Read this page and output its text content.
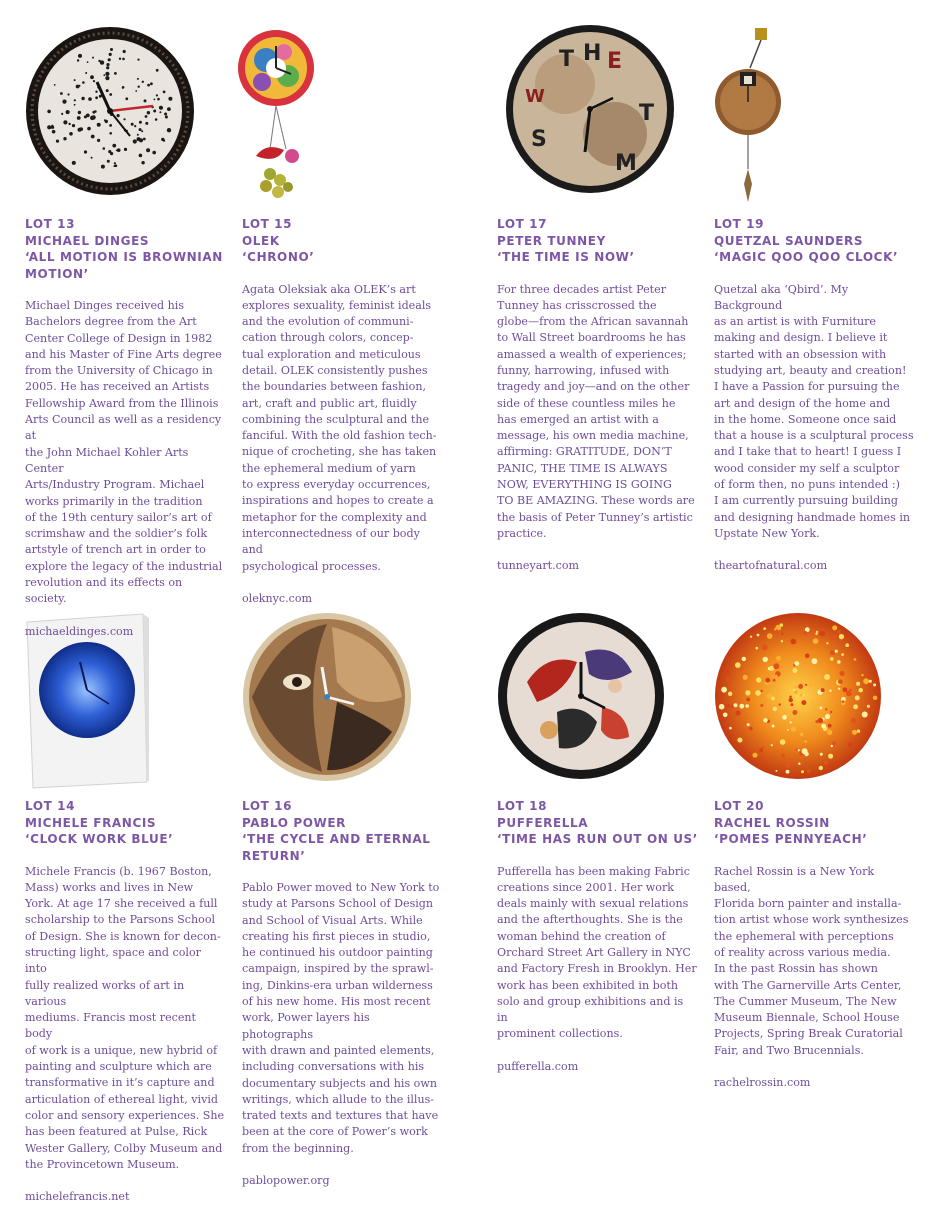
T H E
T
M
S
W
LOT 13
MICHAEL DINGES
‘ALL MOTION IS BROWNIAN
MOTION’
Michael Dinges received his
Bachelors degree from the Art
Center College of Design in 1982
and his Master of Fine Arts degree
from the University of Chicago in
2005. He has received an Artists
Fellowship Award from the Illinois
Arts Council as well as a residency at
the John Michael Kohler Arts Center
Arts/Industry Program. Michael
works primarily in the tradition
of the 19th century sailor’s art of
scrimshaw and the soldier’s folk
artstyle of trench art in order to
explore the legacy of the industrial
revolution and its effects on society.
michaeldinges.com
LOT 15
OLEK
‘CHRONO’
Agata Oleksiak aka OLEK’s art
explores sexuality, feminist ideals
and the evolution of communi-
cation through colors, concep-
tual exploration and meticulous
detail. OLEK consistently pushes
the boundaries between fashion,
art, craft and public art, fluidly
combining the sculptural and the
fanciful. With the old fashion tech-
nique of crocheting, she has taken
the ephemeral medium of yarn
to express everyday occurrences,
inspirations and hopes to create a
metaphor for the complexity and
interconnectedness of our body and
psychological processes.
oleknyc.com
LOT 17
PETER TUNNEY
‘THE TIME IS NOW’
For three decades artist Peter
Tunney has crisscrossed the
globe—from the African savannah
to Wall Street boardrooms he has
amassed a wealth of experiences;
funny, harrowing, infused with
tragedy and joy—and on the other
side of these countless miles he
has emerged an artist with a
message, his own media machine,
affirming: GRATITUDE, DON’T
PANIC, THE TIME IS ALWAYS
NOW, EVERYTHING IS GOING
TO BE AMAZING. These words are
the basis of Peter Tunney’s artistic
practice.
tunneyart.com
LOT 19
QUETZAL SAUNDERS
‘MAGIC QOO QOO CLOCK’
Quetzal aka ‘Qbird’. My Background
as an artist is with Furniture
making and design. I believe it
started with an obsession with
studying art, beauty and creation!
I have a Passion for pursuing the
art and design of the home and
in the home. Someone once said
that a house is a sculptural process
and I take that to heart! I guess I
wood consider my self a sculptor
of form then, no puns intended :)
I am currently pursuing building
and designing handmade homes in
Upstate New York.
theartofnatural.com
LOT 14
MICHELE FRANCIS
‘CLOCK WORK BLUE’
Michele Francis (b. 1967 Boston,
Mass) works and lives in New
York. At age 17 she received a full
scholarship to the Parsons School
of Design. She is known for decon-
structing light, space and color into
fully realized works of art in various
mediums. Francis most recent body
of work is a unique, new hybrid of
painting and sculpture which are
transformative in it’s capture and
articulation of ethereal light, vivid
color and sensory experiences. She
has been featured at Pulse, Rick
Wester Gallery, Colby Museum and
the Provincetown Museum.
michelefrancis.net
LOT 16
PABLO POWER
‘THE CYCLE AND ETERNAL
RETURN’
Pablo Power moved to New York to
study at Parsons School of Design
and School of Visual Arts. While
creating his first pieces in studio,
he continued his outdoor painting
campaign, inspired by the sprawl-
ing, Dinkins-era urban wilderness
of his new home. His most recent
work, Power layers his photographs
with drawn and painted elements,
including conversations with his
documentary subjects and his own
writings, which allude to the illus-
trated texts and textures that have
been at the core of Power’s work
from the beginning.
pablopower.org
LOT 18
PUFFERELLA
‘TIME HAS RUN OUT ON US’
Pufferella has been making Fabric
creations since 2001. Her work
deals mainly with sexual relations
and the afterthoughts. She is the
woman behind the creation of
Orchard Street Art Gallery in NYC
and Factory Fresh in Brooklyn. Her
work has been exhibited in both
solo and group exhibitions and is in
prominent collections.
pufferella.com
LOT 20
RACHEL ROSSIN
‘POMES PENNYEACH’
Rachel Rossin is a New York based,
Florida born painter and installa-
tion artist whose work synthesizes
the ephemeral with perceptions
of reality across various media.
In the past Rossin has shown
with The Garnerville Arts Center,
The Cummer Museum, The New
Museum Biennale, School House
Projects, Spring Break Curatorial
Fair, and Two Brucennials.
rachelrossin.com
